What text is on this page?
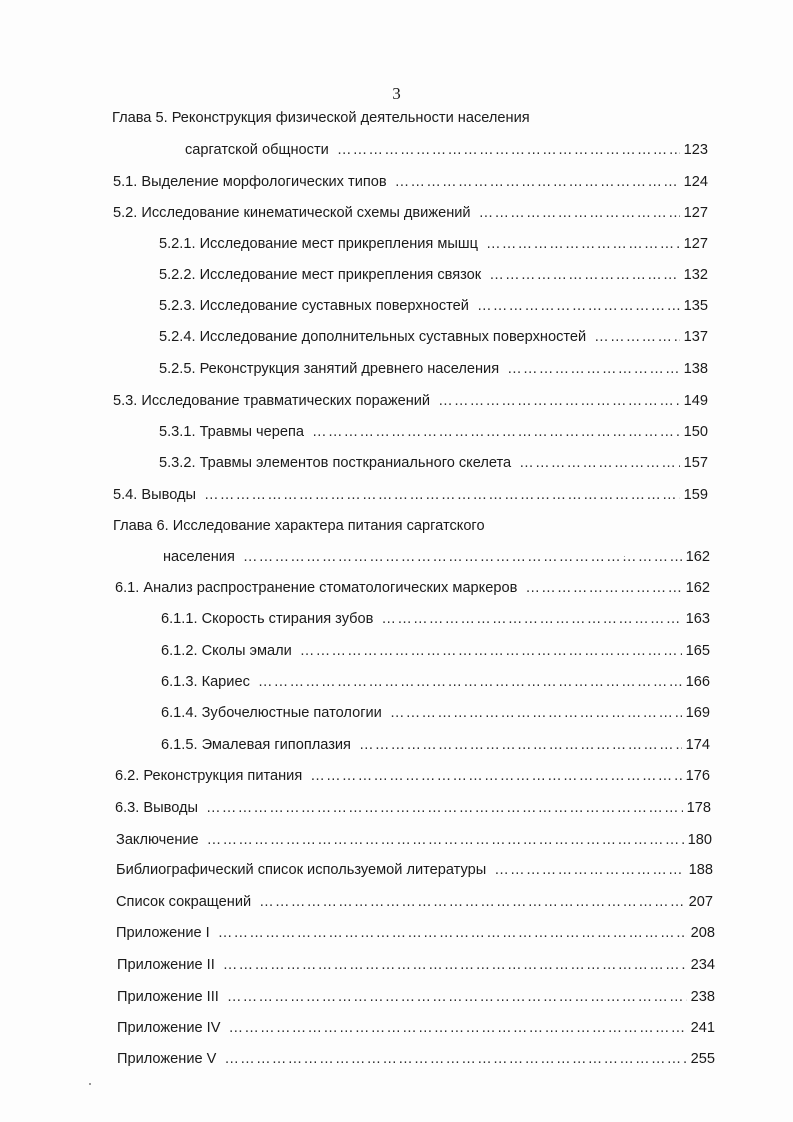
3
Глава 5. Реконструкция физической деятельности населения
саргатской общности …………………………………………………………………………………………………………………………………………………………………………………………………	123
5.1. Выделение морфологических типов …………………………………………………………………………………………………………………………………………………………………………………………………	124
5.2. Исследование кинематической схемы движений …………………………………………………………………………………………………………………………………………………………………………………………………	127
5.2.1. Исследование мест прикрепления мышц …………………………………………………………………………………………………………………………………………………………………………………………………	127
5.2.2. Исследование мест прикрепления связок …………………………………………………………………………………………………………………………………………………………………………………………………	132
5.2.3. Исследование суставных поверхностей …………………………………………………………………………………………………………………………………………………………………………………………………	135
5.2.4. Исследование дополнительных суставных поверхностей …………………………………………………………………………………………………………………………………………………………………………………………………	137
5.2.5. Реконструкция занятий древнего населения …………………………………………………………………………………………………………………………………………………………………………………………………	138
5.3. Исследование травматических поражений …………………………………………………………………………………………………………………………………………………………………………………………………	149
5.3.1. Травмы черепа …………………………………………………………………………………………………………………………………………………………………………………………………	150
5.3.2. Травмы элементов посткраниального скелета …………………………………………………………………………………………………………………………………………………………………………………………………	157
5.4. Выводы …………………………………………………………………………………………………………………………………………………………………………………………………	159
Глава 6. Исследование характера питания саргатского
населения …………………………………………………………………………………………………………………………………………………………………………………………………	162
6.1. Анализ распространение стоматологических маркеров …………………………………………………………………………………………………………………………………………………………………………………………………	162
6.1.1. Скорость стирания зубов …………………………………………………………………………………………………………………………………………………………………………………………………	163
6.1.2. Сколы эмали …………………………………………………………………………………………………………………………………………………………………………………………………	165
6.1.3. Кариес …………………………………………………………………………………………………………………………………………………………………………………………………	166
6.1.4. Зубочелюстные патологии …………………………………………………………………………………………………………………………………………………………………………………………………	169
6.1.5. Эмалевая гипоплазия …………………………………………………………………………………………………………………………………………………………………………………………………	174
6.2. Реконструкция питания …………………………………………………………………………………………………………………………………………………………………………………………………	176
6.3. Выводы …………………………………………………………………………………………………………………………………………………………………………………………………	178
Заключение …………………………………………………………………………………………………………………………………………………………………………………………………	180
Библиографический список используемой литературы …………………………………………………………………………………………………………………………………………………………………………………………………	188
Список сокращений …………………………………………………………………………………………………………………………………………………………………………………………………	207
Приложение I …………………………………………………………………………………………………………………………………………………………………………………………………	208
Приложение II …………………………………………………………………………………………………………………………………………………………………………………………………	234
Приложение III …………………………………………………………………………………………………………………………………………………………………………………………………	238
Приложение IV …………………………………………………………………………………………………………………………………………………………………………………………………	241
Приложение V …………………………………………………………………………………………………………………………………………………………………………………………………	255
